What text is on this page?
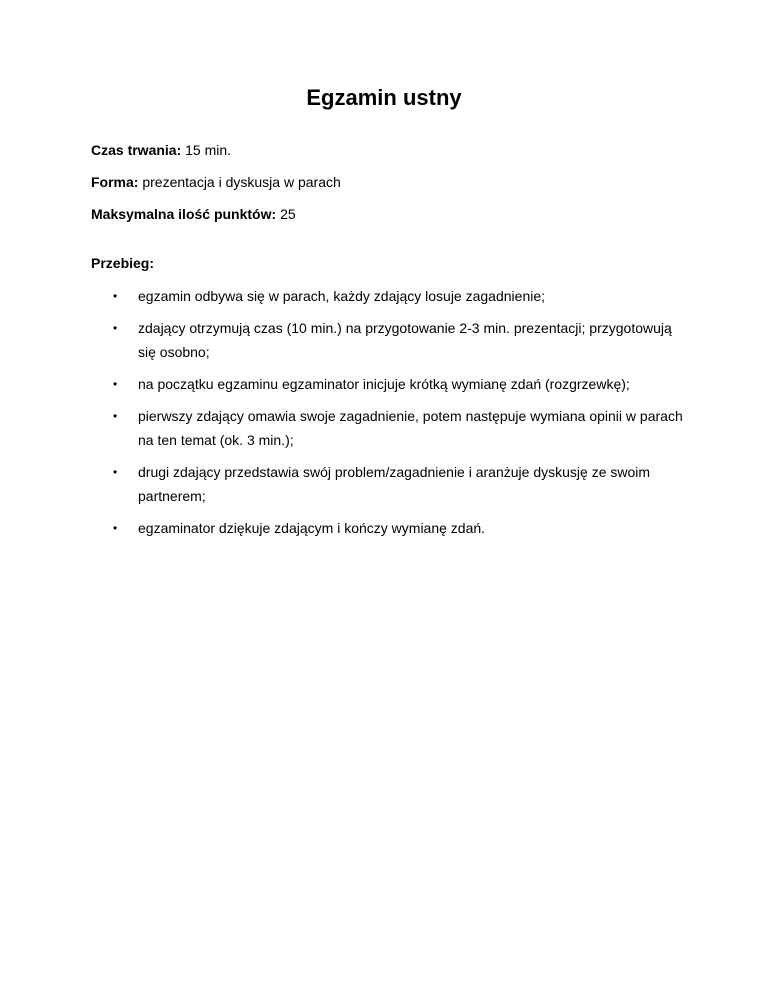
Egzamin ustny
Czas trwania: 15 min.
Forma: prezentacja i dyskusja w parach
Maksymalna ilość punktów: 25
Przebieg:
• egzamin odbywa się w parach, każdy zdający losuje zagadnienie;
• zdający otrzymują czas (10 min.) na przygotowanie 2-3 min. prezentacji; przygotowują się osobno;
• na początku egzaminu egzaminator inicjuje krótką wymianę zdań (rozgrzewkę);
• pierwszy zdający omawia swoje zagadnienie, potem następuje wymiana opinii w parach na ten temat (ok. 3 min.);
• drugi zdający przedstawia swój problem/zagadnienie i aranżuje dyskusję ze swoim partnerem;
• egzaminator dziękuje zdającym i kończy wymianę zdań.
